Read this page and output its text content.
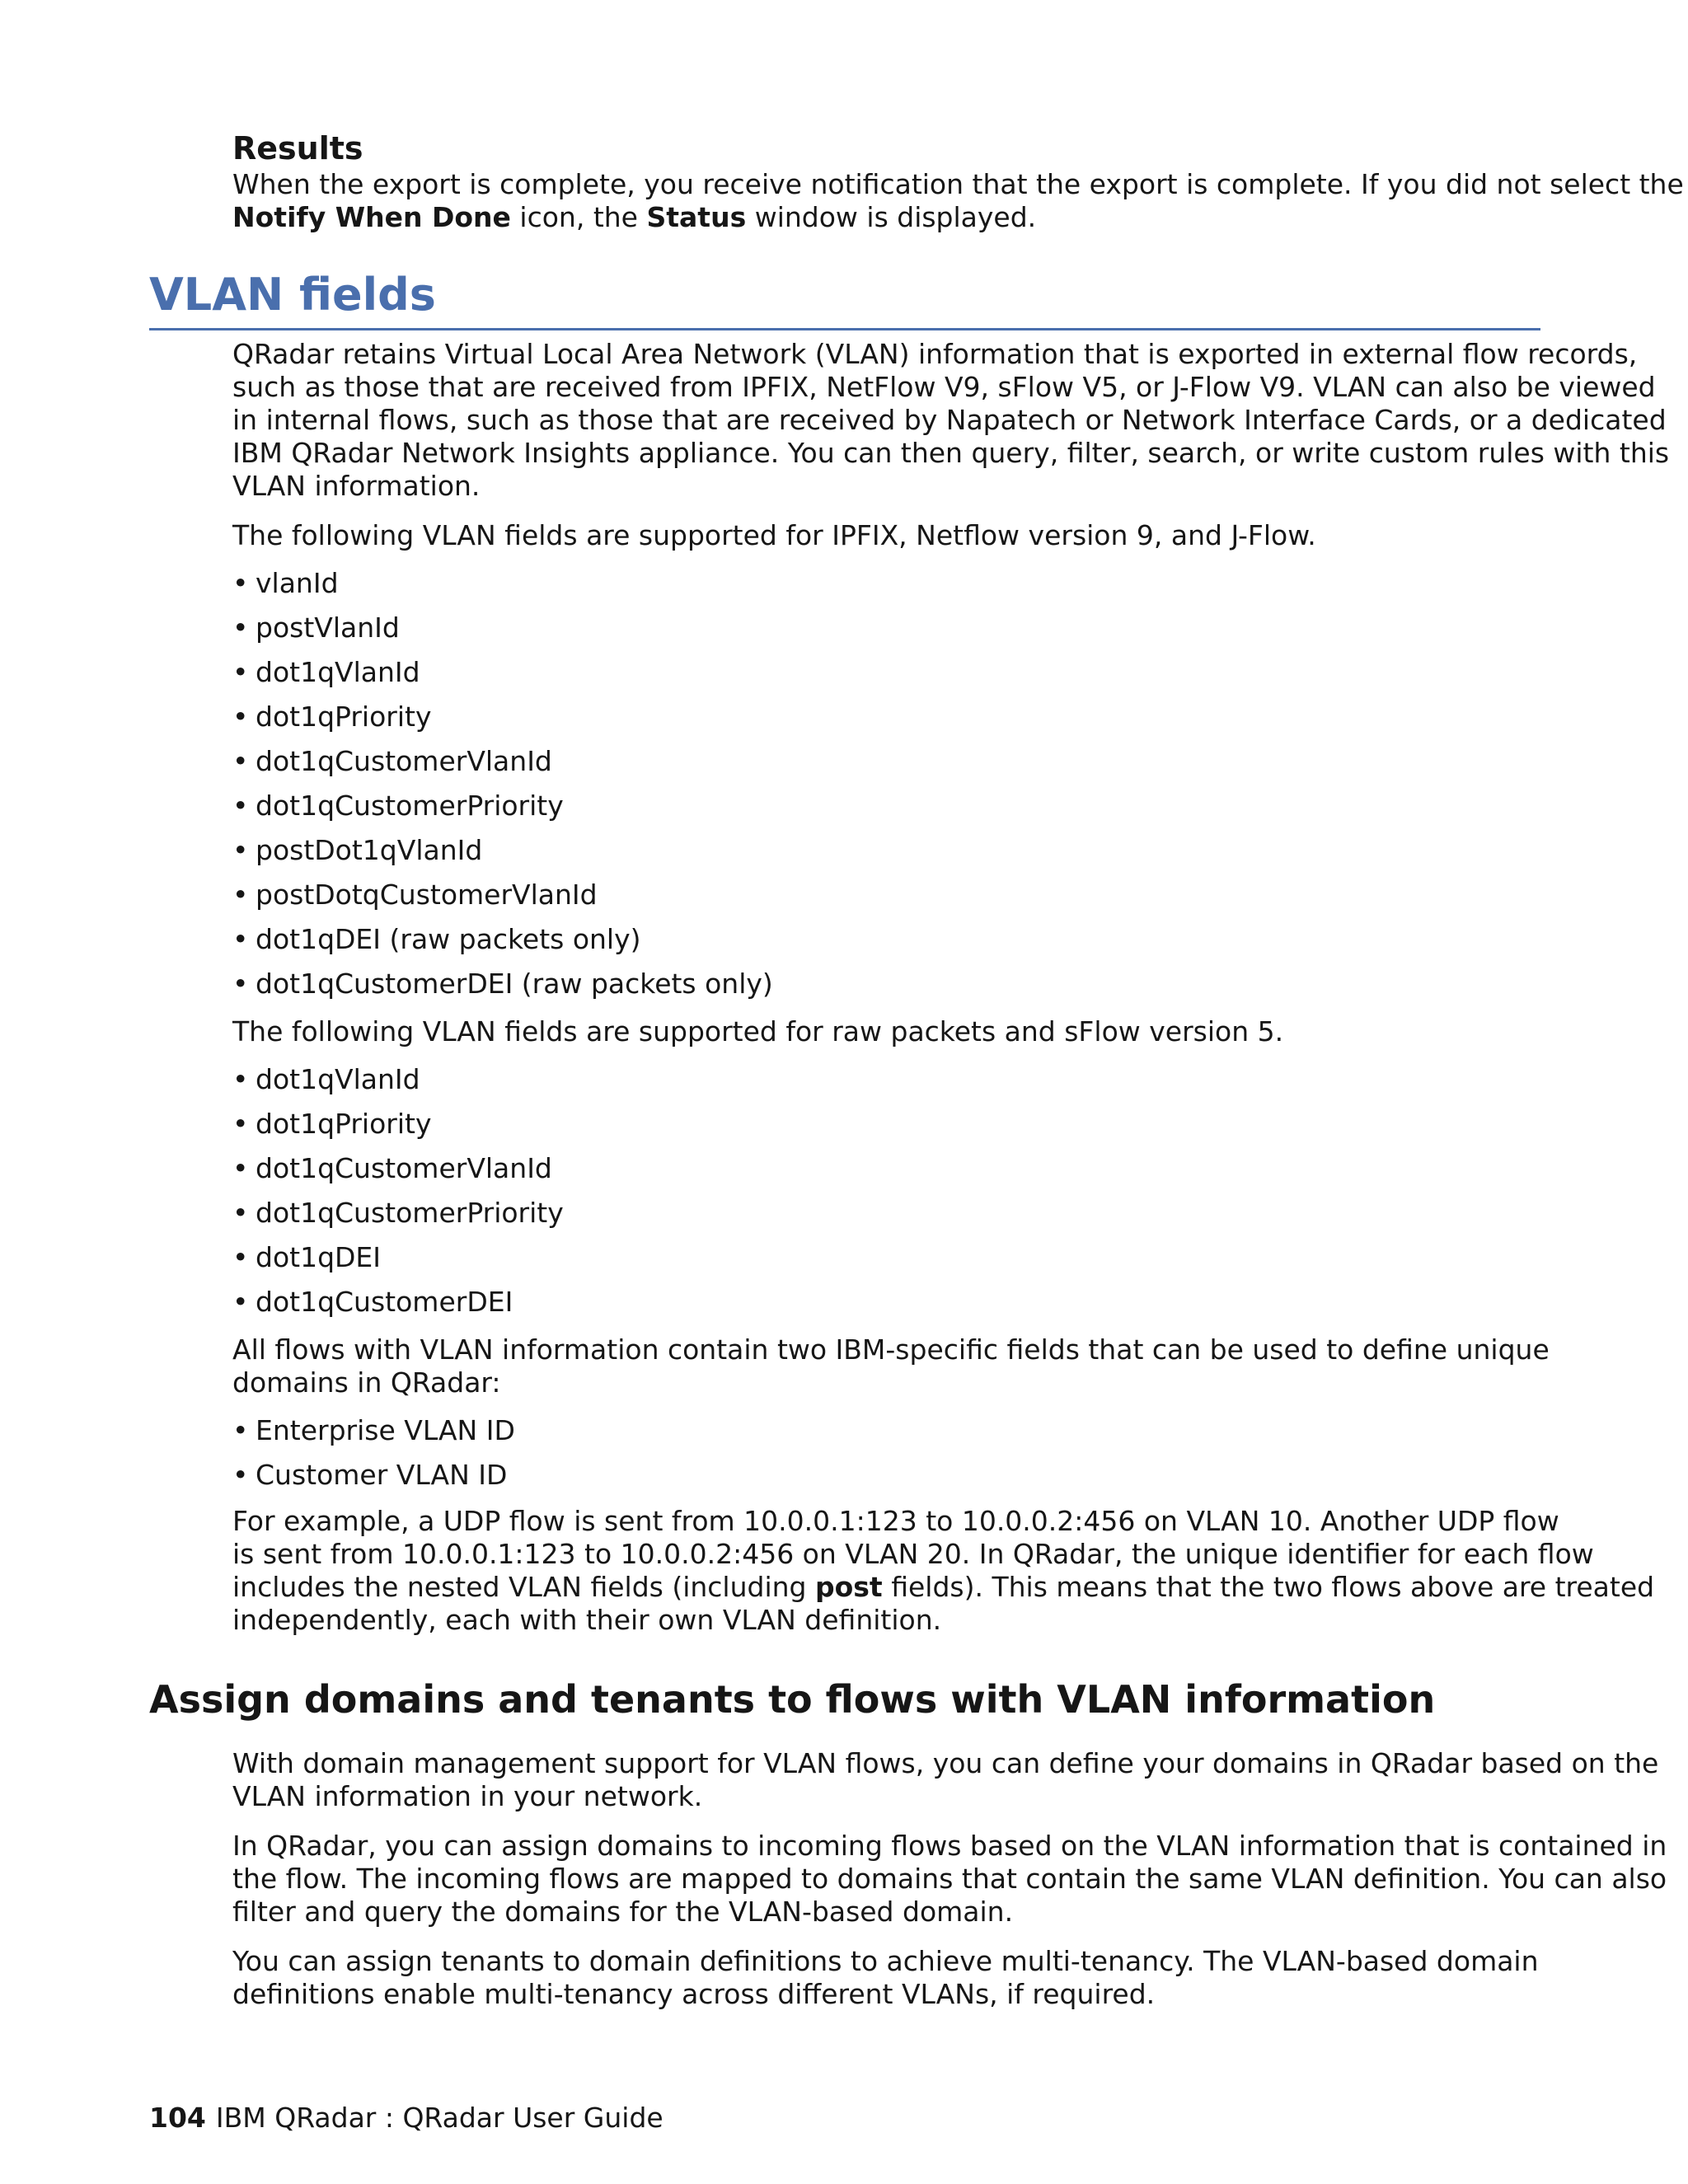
Results

When the export is complete, you receive notification that the export is complete. If you did not select the
Notify When Done icon, the Status window is displayed.

VLAN fields

QRadar retains Virtual Local Area Network (VLAN) information that is exported in external flow records,
such as those that are received from IPFIX, NetFlow V9, sFlow V5, or J-Flow V9. VLAN can also be viewed
in internal flows, such as those that are received by Napatech or Network Interface Cards, or a dedicated
IBM QRadar Network Insights appliance. You can then query, filter, search, or write custom rules with this
VLAN information.

The following VLAN fields are supported for IPFIX, Netflow version 9, and J-Flow.

• vlanId
• postVlanId
• dot1qVlanId
• dot1qPriority
• dot1qCustomerVlanId
• dot1qCustomerPriority
• postDot1qVlanId
• postDotqCustomerVlanId
• dot1qDEI (raw packets only)
• dot1qCustomerDEI (raw packets only)

The following VLAN fields are supported for raw packets and sFlow version 5.

• dot1qVlanId
• dot1qPriority
• dot1qCustomerVlanId
• dot1qCustomerPriority
• dot1qDEI
• dot1qCustomerDEI

All flows with VLAN information contain two IBM-specific fields that can be used to define unique
domains in QRadar:

• Enterprise VLAN ID
• Customer VLAN ID

For example, a UDP flow is sent from 10.0.0.1:123 to 10.0.0.2:456 on VLAN 10. Another UDP flow
is sent from 10.0.0.1:123 to 10.0.0.2:456 on VLAN 20. In QRadar, the unique identifier for each flow
includes the nested VLAN fields (including post fields). This means that the two flows above are treated
independently, each with their own VLAN definition.

Assign domains and tenants to flows with VLAN information

With domain management support for VLAN flows, you can define your domains in QRadar based on the
VLAN information in your network.

In QRadar, you can assign domains to incoming flows based on the VLAN information that is contained in
the flow. The incoming flows are mapped to domains that contain the same VLAN definition. You can also
filter and query the domains for the VLAN-based domain.

You can assign tenants to domain definitions to achieve multi-tenancy. The VLAN-based domain
definitions enable multi-tenancy across different VLANs, if required.

104 IBM QRadar : QRadar User Guide
